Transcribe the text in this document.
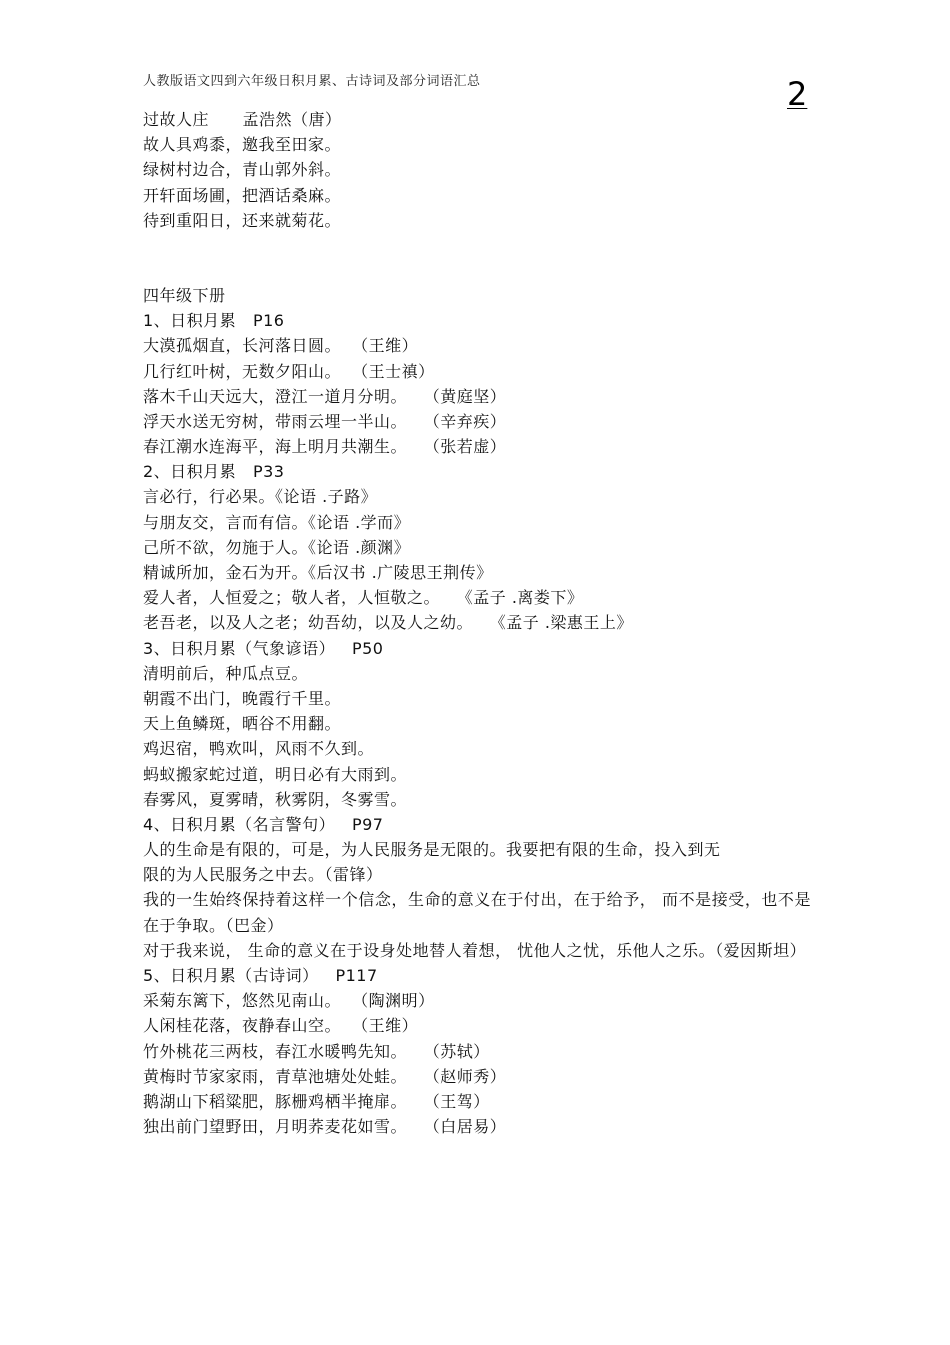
人教版语文四到六年级日积月累、古诗词及部分词语汇总	2
过故人庄      孟浩然（唐）
故人具鸡黍，邀我至田家。
绿树村边合，青山郭外斜。
开轩面场圃，把酒话桑麻。
待到重阳日，还来就菊花。
四年级下册
1、日积月累   P16
大漠孤烟直，长河落日圆。  （王维）
几行红叶树，无数夕阳山。  （王士禛）
落木千山天远大，澄江一道月分明。   （黄庭坚）
浮天水送无穷树，带雨云埋一半山。   （辛弃疾）
春江潮水连海平，海上明月共潮生。   （张若虚）
2、日积月累   P33
言必行，行必果。《论语 .子路》
与朋友交，言而有信。《论语 .学而》
己所不欲，勿施于人。《论语 .颜渊》
精诚所加，金石为开。《后汉书 .广陵思王荆传》
爱人者，人恒爱之；敬人者，人恒敬之。   《孟子 .离娄下》
老吾老，以及人之老；幼吾幼，以及人之幼。   《孟子 .梁惠王上》
3、日积月累（气象谚语）   P50
清明前后，种瓜点豆。
朝霞不出门，晚霞行千里。
天上鱼鳞斑，晒谷不用翻。
鸡迟宿，鸭欢叫，风雨不久到。
蚂蚁搬家蛇过道，明日必有大雨到。
春雾风，夏雾晴，秋雾阴，冬雾雪。
4、日积月累（名言警句）   P97
人的生命是有限的，可是，为人民服务是无限的。我要把有限的生命，投入到无
限的为人民服务之中去。（雷锋）
我的一生始终保持着这样一个信念，生命的意义在于付出，在于给予， 而不是接受，也不是在于争取。（巴金）
对于我来说， 生命的意义在于设身处地替人着想， 忧他人之忧，乐他人之乐。（爱因斯坦）
5、日积月累（古诗词）   P117
采菊东篱下，悠然见南山。  （陶渊明）
人闲桂花落，夜静春山空。  （王维）
竹外桃花三两枝，春江水暖鸭先知。   （苏轼）
黄梅时节家家雨，青草池塘处处蛙。   （赵师秀）
鹅湖山下稻粱肥，豚栅鸡栖半掩扉。   （王驾）
独出前门望野田，月明荞麦花如雪。   （白居易）
